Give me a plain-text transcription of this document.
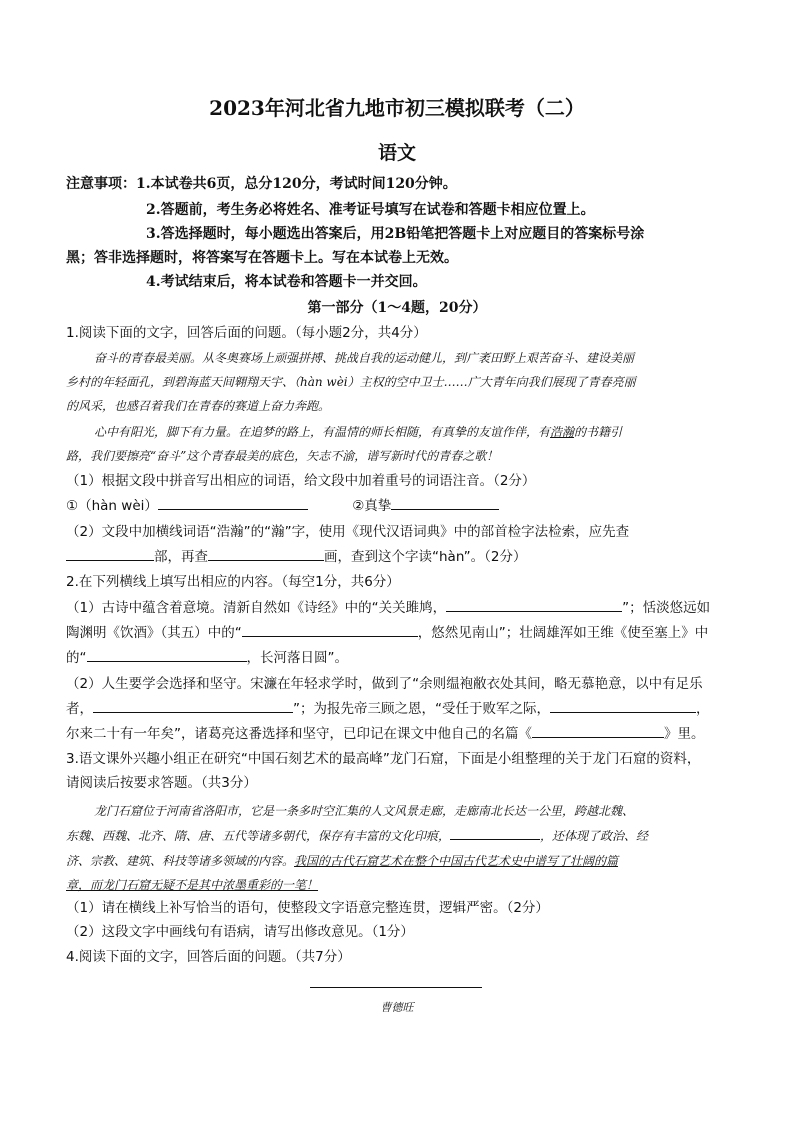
2023年河北省九地市初三模拟联考（二）
语文
注意事项：1.本试卷共6页，总分120分，考试时间120分钟。
2.答题前，考生务必将姓名、准考证号填写在试卷和答题卡相应位置上。
3.答选择题时，每小题选出答案后，用2B铅笔把答题卡上对应题目的答案标号涂
黑；答非选择题时，将答案写在答题卡上。写在本试卷上无效。
4.考试结束后，将本试卷和答题卡一并交回。
第一部分（1～4题，20分）
1.阅读下面的文字，回答后面的问题。（每小题2分，共4分）
奋斗的青春最美丽。从冬奥赛场上顽强拼搏、挑战自我的运动健儿，到广袤田野上艰苦奋斗、建设美丽
乡村的年轻面孔，到碧海蓝天间翱翔天宇、（hàn wèi）主权的空中卫士……广大青年向我们展现了青春亮丽
的风采，也感召着我们在青春的赛道上奋力奔跑。
心中有阳光，脚下有力量。在追梦的路上，有温情的师长相随，有真挚的友谊作伴，有浩瀚的书籍引
路，我们要擦亮“奋斗”这个青春最美的底色，矢志不渝，谱写新时代的青春之歌！
（1）根据文段中拼音写出相应的词语，给文段中加着重号的词语注音。（2分）
①（hàn wèi）	②真挚
（2）文段中加横线词语“浩瀚”的“瀚”字，使用《现代汉语词典》中的部首检字法检索，应先查
部，再查	画，查到这个字读“hàn”。（2分）
2.在下列横线上填写出相应的内容。（每空1分，共6分）
（1）古诗中蕴含着意境。清新自然如《诗经》中的“关关雎鸠，	”；恬淡悠远如
陶渊明《饮酒》（其五）中的“	，悠然见南山”；壮阔雄浑如王维《使至塞上》中
的“	，长河落日圆”。
（2）人生要学会选择和坚守。宋濂在年轻求学时，做到了“余则缊袍敝衣处其间，略无慕艳意，以中有足乐
者，	”；为报先帝三顾之恩，“受任于败军之际，	，
尔来二十有一年矣”，诸葛亮这番选择和坚守，已印记在课文中他自己的名篇《	》里。
3.语文课外兴趣小组正在研究“中国石刻艺术的最高峰”龙门石窟，下面是小组整理的关于龙门石窟的资料，
请阅读后按要求答题。（共3分）
龙门石窟位于河南省洛阳市，它是一条多时空汇集的人文风景走廊，走廊南北长达一公里，跨越北魏、
东魏、西魏、北齐、隋、唐、五代等诸多朝代，保存有丰富的文化印痕，	，还体现了政治、经
济、宗教、建筑、科技等诸多领域的内容。我国的古代石窟艺术在整个中国古代艺术史中谱写了壮阔的篇
章，而龙门石窟无疑不是其中浓墨重彩的一笔！
（1）请在横线上补写恰当的语句，使整段文字语意完整连贯，逻辑严密。（2分）
（2）这段文字中画线句有语病，请写出修改意见。（1分）
4.阅读下面的文字，回答后面的问题。（共7分）
曹德旺
